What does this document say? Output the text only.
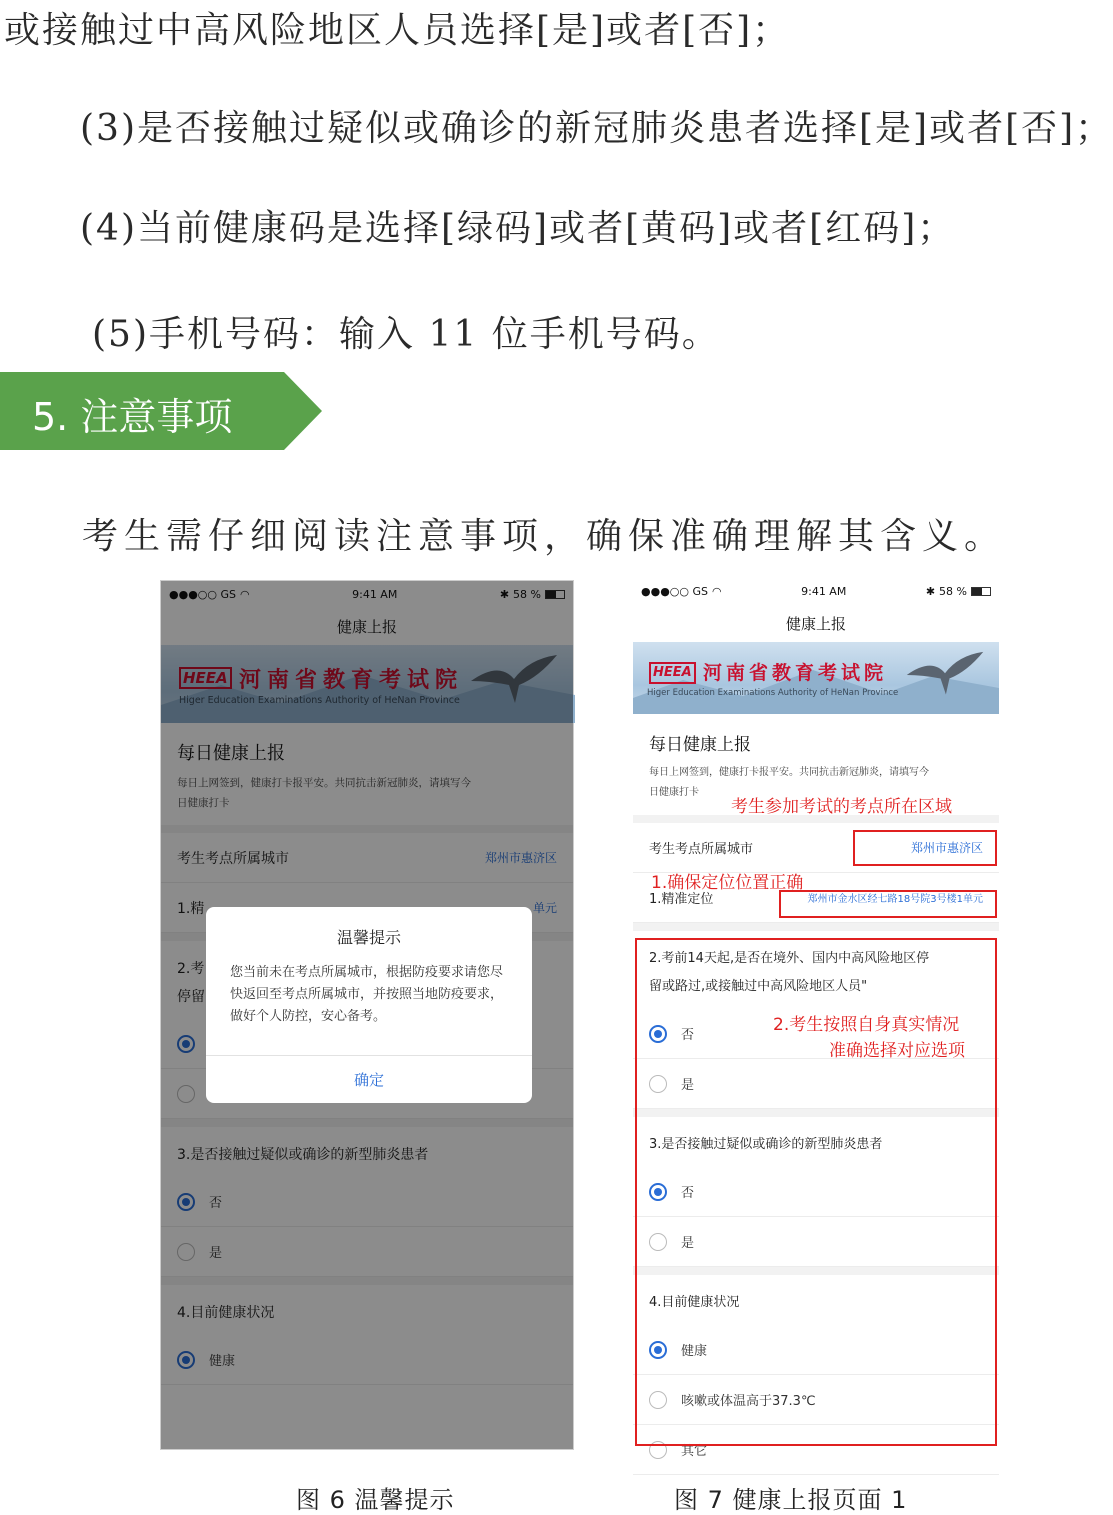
或接触过中高风险地区人员选择[是]或者[否]；
(3)是否接触过疑似或确诊的新冠肺炎患者选择[是]或者[否]；
(4)当前健康码是选择[绿码]或者[黄码]或者[红码]；
(5)手机号码：输入 11 位手机号码。
5. 注意事项
考生需仔细阅读注意事项，确保准确理解其含义。
●●●○○ GS ◠	9:41 AM	✱ 58 %
健康上报
HEEA 河南省教育考试院
Higer Education Examinations Authority of HeNan Province
每日健康上报
每日上网签到，健康打卡报平安。共同抗击新冠肺炎，请填写今
日健康打卡
考生考点所属城市	郑州市惠济区
1.精	单元
2.考
停留
3.是否接触过疑似或确诊的新型肺炎患者
否
是
4.目前健康状况
健康
温馨提示
您当前未在考点所属城市，根据防疫要求请您尽快返回至考点所属城市，并按照当地防疫要求，做好个人防控，安心备考。
确定
●●●○○ GS ◠	9:41 AM	✱ 58 %
健康上报
HEEA 河南省教育考试院
Higer Education Examinations Authority of HeNan Province
每日健康上报
每日上网签到，健康打卡报平安。共同抗击新冠肺炎，请填写今
日健康打卡
考生考点所属城市	郑州市惠济区
1.精准定位	郑州市金水区经七路18号院3号楼1单元
2.考前14天起,是否在境外、国内中高风险地区停
留或路过,或接触过中高风险地区人员"
否
是
3.是否接触过疑似或确诊的新型肺炎患者
否
是
4.目前健康状况
健康
咳嗽或体温高于37.3℃
其它
考生参加考试的考点所在区域
1.确保定位位置正确
2.考生按照自身真实情况
准确选择对应选项
图 6 温馨提示	图 7 健康上报页面 1
